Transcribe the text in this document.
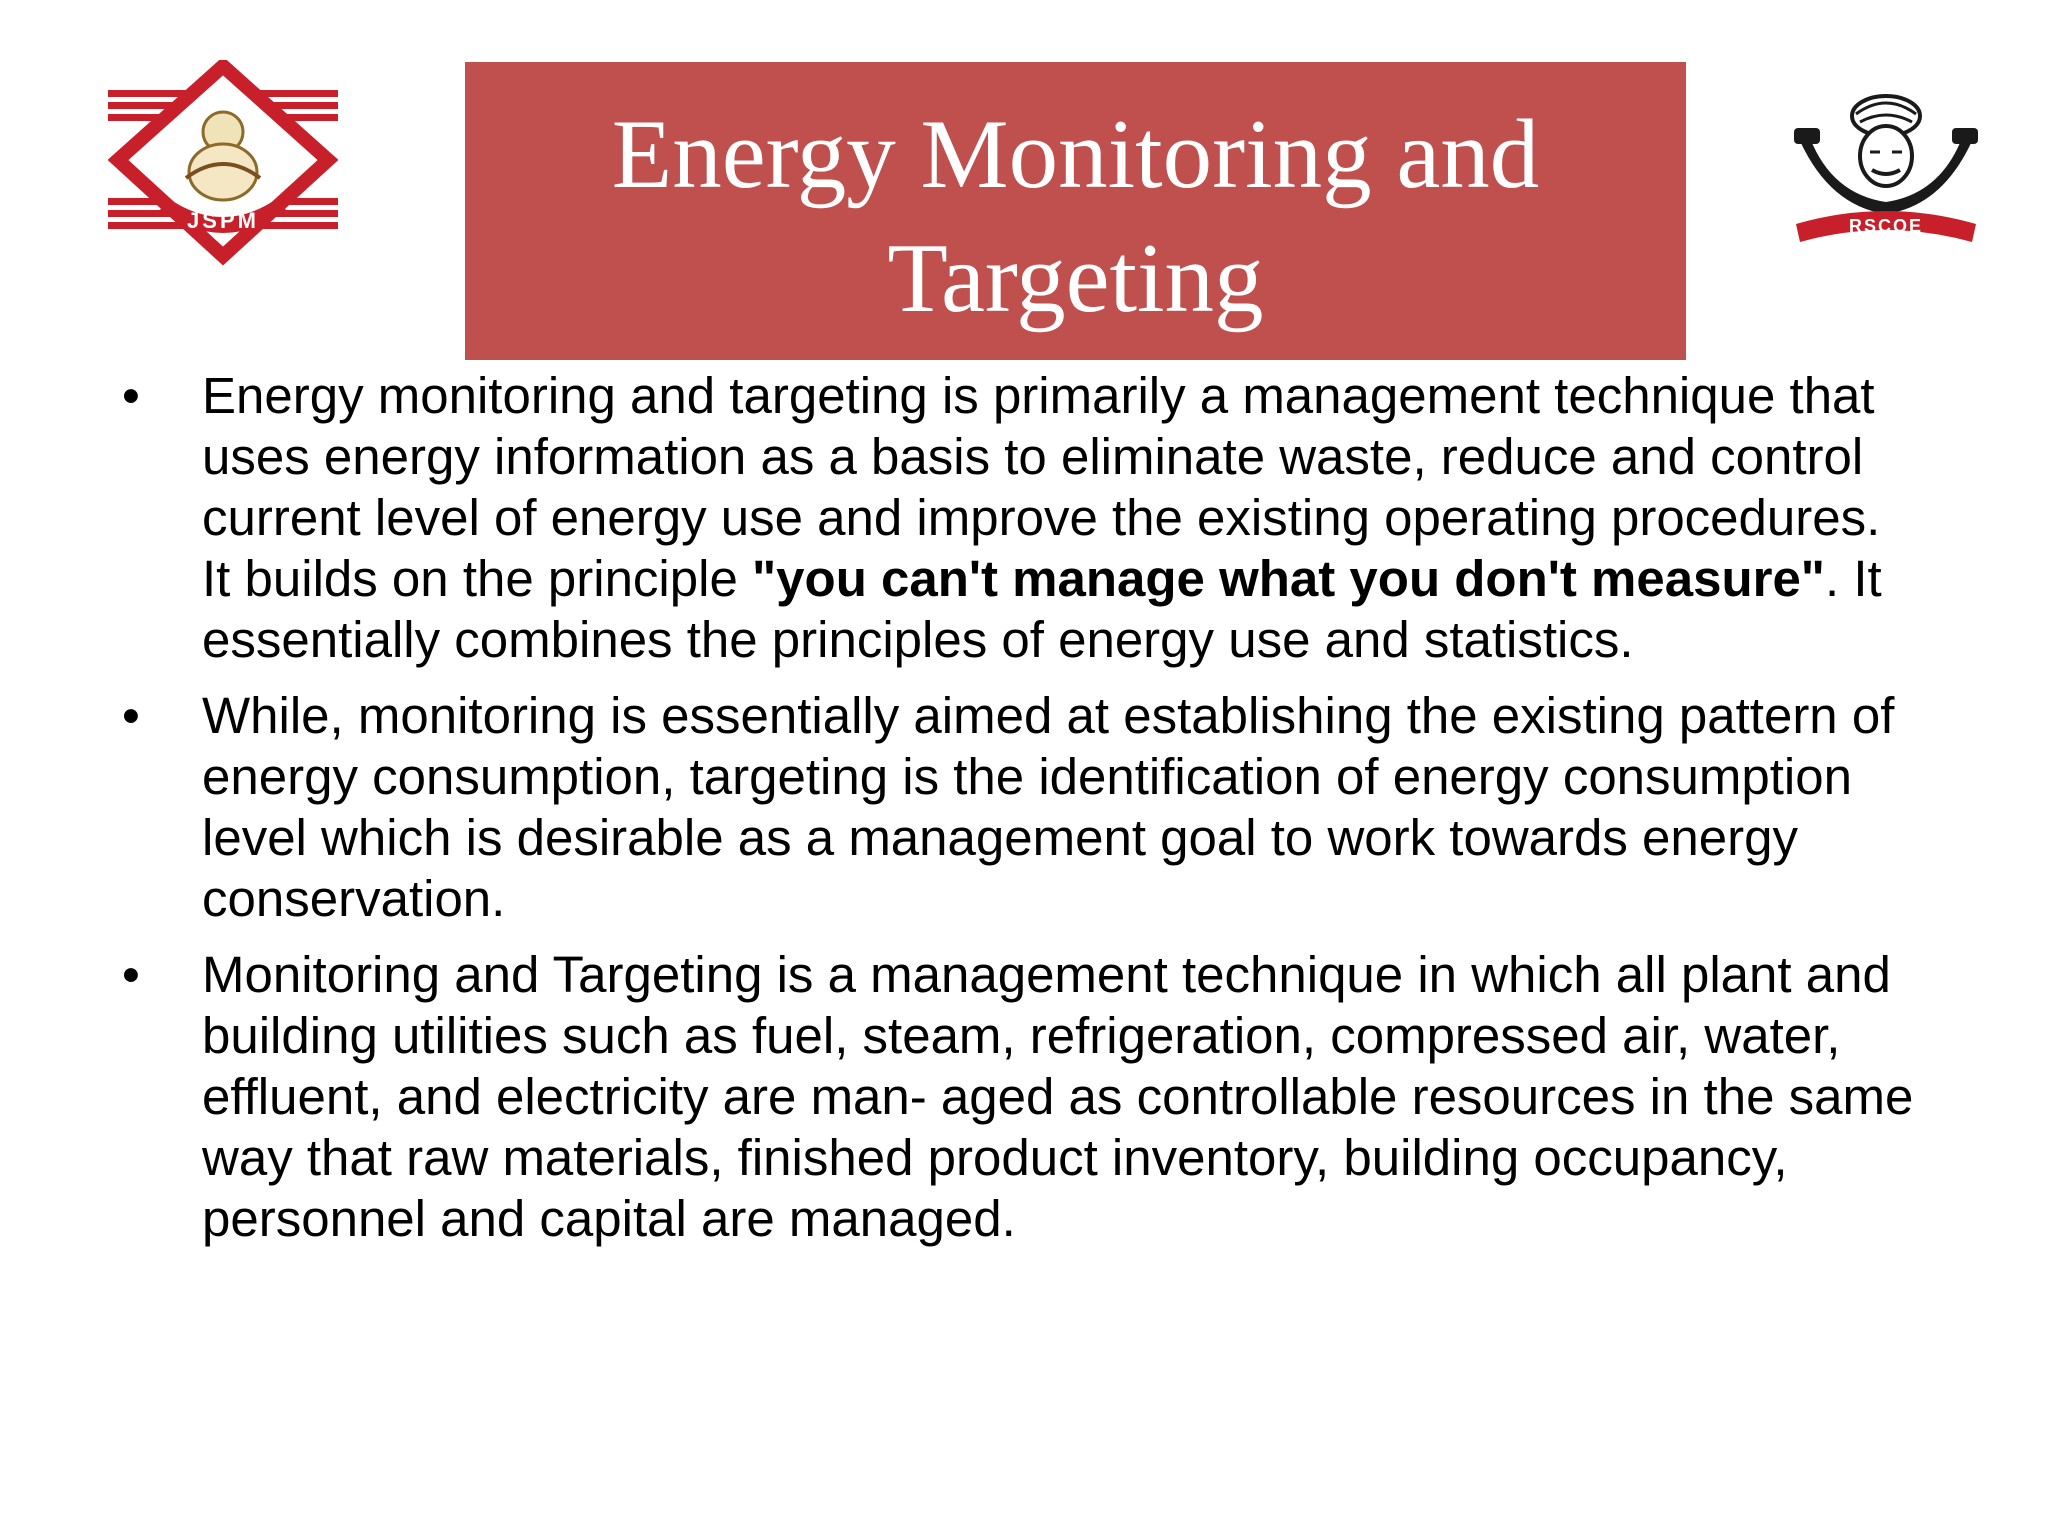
JSPM
Energy Monitoring and Targeting	RSCOE
•	Energy monitoring and targeting is primarily a management technique that uses energy information as a basis to eliminate waste, reduce and control current level of energy use and improve the existing operating procedures. It builds on the principle "you can't manage what you don't measure". It essentially combines the principles of energy use and statistics.
•	While, monitoring is essentially aimed at establishing the existing pattern of energy consumption, targeting is the identification of energy consumption level which is desirable as a management goal to work towards energy conservation.
•	Monitoring and Targeting is a management technique in which all plant and building utilities such as fuel, steam, refrigeration, compressed air, water, effluent, and electricity are man- aged as controllable resources in the same way that raw materials, finished product inventory, building occupancy, personnel and capital are managed.
